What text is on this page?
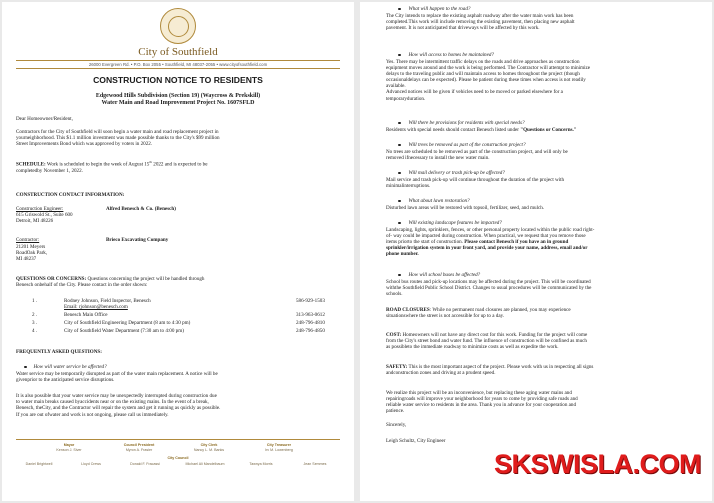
City of Southfield
26000 Evergreen Rd. • P.O. Box 2055 • Southfield, MI 48037-2055 • www.cityofsouthfield.com
CONSTRUCTION NOTICE TO RESIDENTS
Edgewood Hills Subdivision (Section 19) (Waycross & Prekskill)
Water Main and Road Improvement Project No. 1607SFLD
Dear Homeowner/Resident,
Contractors for the City of Southfield will soon begin a water main and road replacement project in
yourneighborhood. This $1.1 million investment was made possible thanks to the City's $99 million
Street Improvements Bond which was approved by voters in 2022.
SCHEDULE: Work is scheduled to begin the week of August 15th 2022 and is expected to be
completedby November 1, 2022.
CONSTRUCTION CONTACT INFORMATION:
Construction Engineer:	Alfred Benesch & Co. (Benesch)
615 Griswold St., Suite 600
Detroit, MI 48226
Contractor:	Brieco Excavating Company
21201 Meyers
RoadOak Park,
MI 48237
QUESTIONS OR CONCERNS: Questions concerning the project will be handled through
Benesch onbehalf of the City. Please contact in the order shown:
1 .	Rodney Johnson, Field Inspector, Benesch	586-929-1503
Email: rjohnson@benesch.com
2 .	Benesch Main Office	313-963-0612
3 .	City of Southfield Engineering Department (8 am to 4:30 pm)	248-796-4810
4 .	City of Southfield Water Department (7:30 am to 4:00 pm)	248-796-4850
FREQUENTLY ASKED QUESTIONS:
How will water service be affected?
Water service may be temporarily disrupted as part of the water main replacement. A notice will be
givenprior to the anticipated service disruptions.
It is also possible that your water service may be unexpectedly interrupted during construction due
to water main breaks caused byaccidents near or on the existing mains. In the event of a break,
Benesch, theCity, and the Contractor will repair the system and get it running as quickly as possible.
If you are out ofwater and work is not ongoing, please call us immediately.
Mayor
Kenson J. Siver
Council President
Myron A. Frasier
City Clerk
Nancy L. M. Banks
City Treasurer
Irv M. Lowenberg
City Council
Daniel Brightwell	Lloyd Crews	Donald F. Fracassi	Michael Ali Mandelbaum	Tawnya Morris	Jean Semmes
What will happen to the road?
The City intends to replace the existing asphalt roadway after the water main work has been
completed.This work will include removing the existing pavement, then placing new asphalt
pavement. It is not anticipated that driveways will be affected by this work.
How will access to homes be maintained?
Yes. There may be intermittent traffic delays on the roads and drive approaches as construction
equipment moves around and the work is being performed. The Contractor will attempt to minimize
delays to the traveling public and will maintain access to homes throughout the project (though
occasionaldelays can be expected). Please be patient during these times when access is not readily
available.
Advanced notices will be given if vehicles need to be moved or parked elsewhere for a
temporaryduration.
Will there be provisions for residents with special needs?
Residents with special needs should contact Benesch listed under "Questions or Concerns."
Will trees be removed as part of the construction project?
No trees are scheduled to be removed as part of the construction project, and will only be
removed ifnecessary to install the new water main.
Will mail delivery or trash pick-up be affected?
Mail service and trash pick-up will continue throughout the duration of the project with
minimalinterruptions.
What about lawn restoration?
Disturbed lawn areas will be restored with topsoil, fertilizer, seed, and mulch.
Will existing landscape features be impacted?
Landscaping, lights, sprinklers, fences, or other personal property located within the public road right-
of- way could be impacted during construction. When practical, we request that you remove those
items priorto the start of construction. Please contact Benesch if you have an in ground
sprinkler/irrigation system in your front yard, and provide your name, address, email and/or
phone number.
How will school buses be affected?
School bus routes and pick-up locations may be affected during the project. This will be coordinated
withthe Southfield Public School District. Changes to usual procedures will be communicated by the
schools.
ROAD CLOSURES: While no permanent road closures are planned, you may experience
situationswhere the street is not accessible for up to a day.
COST: Homeowners will not have any direct cost for this work. Funding for the project will come
from the City's street bond and water fund. The influence of construction will be confined as much
as possibleto the immediate roadway to minimize costs as well as expedite the work.
SAFETY: This is the most important aspect of the project. Please work with us in respecting all signs
andconstruction zones and driving at a prudent speed.
We realize this project will be an inconvenience, but replacing these aging water mains and
repairingroads will improve your neighborhood for years to come by providing safe roads and
reliable water service to residents in the area. Thank you in advance for your cooperation and
patience.
Sincerely,
Leigh Schultz, City Engineer
SKSWISLA.COM
